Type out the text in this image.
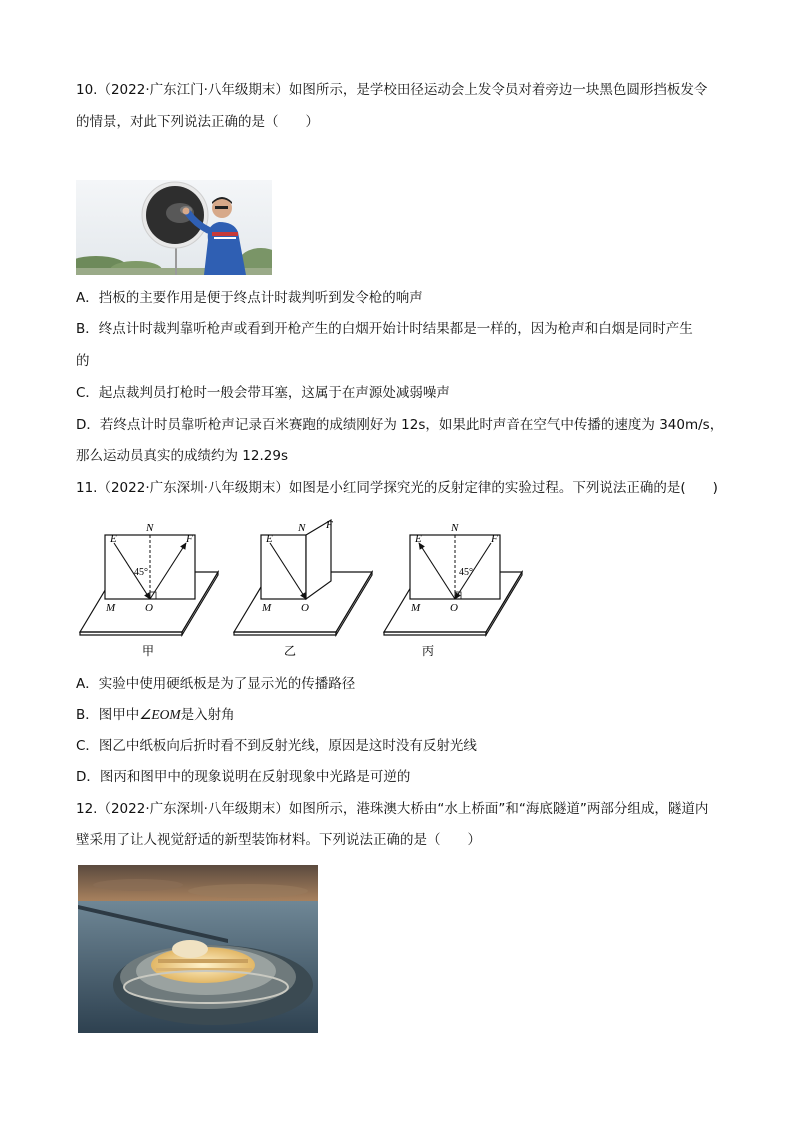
10.（2022·广东江门·八年级期末）如图所示，是学校田径运动会上发令员对着旁边一块黑色圆形挡板发令
的情景，对此下列说法正确的是（　　）
A．挡板的主要作用是便于终点计时裁判听到发令枪的响声
B．终点计时裁判靠听枪声或看到开枪产生的白烟开始计时结果都是一样的，因为枪声和白烟是同时产生
的
C．起点裁判员打枪时一般会带耳塞，这属于在声源处减弱噪声
D．若终点计时员靠听枪声记录百米赛跑的成绩刚好为 12s，如果此时声音在空气中传播的速度为 340m/s，
那么运动员真实的成绩约为 12.29s
11.（2022·广东深圳·八年级期末）如图是小红同学探究光的反射定律的实验过程。下列说法正确的是(　　)
N
E	F
45°
M	O
甲
N
E
F
M	O
乙
N
E	F
45°
M	O
丙
A．实验中使用硬纸板是为了显示光的传播路径
B．图甲中∠EOM是入射角
C．图乙中纸板向后折时看不到反射光线，原因是这时没有反射光线
D．图丙和图甲中的现象说明在反射现象中光路是可逆的
12.（2022·广东深圳·八年级期末）如图所示，港珠澳大桥由“水上桥面”和“海底隧道”两部分组成，隧道内
壁采用了让人视觉舒适的新型装饰材料。下列说法正确的是（　　）
